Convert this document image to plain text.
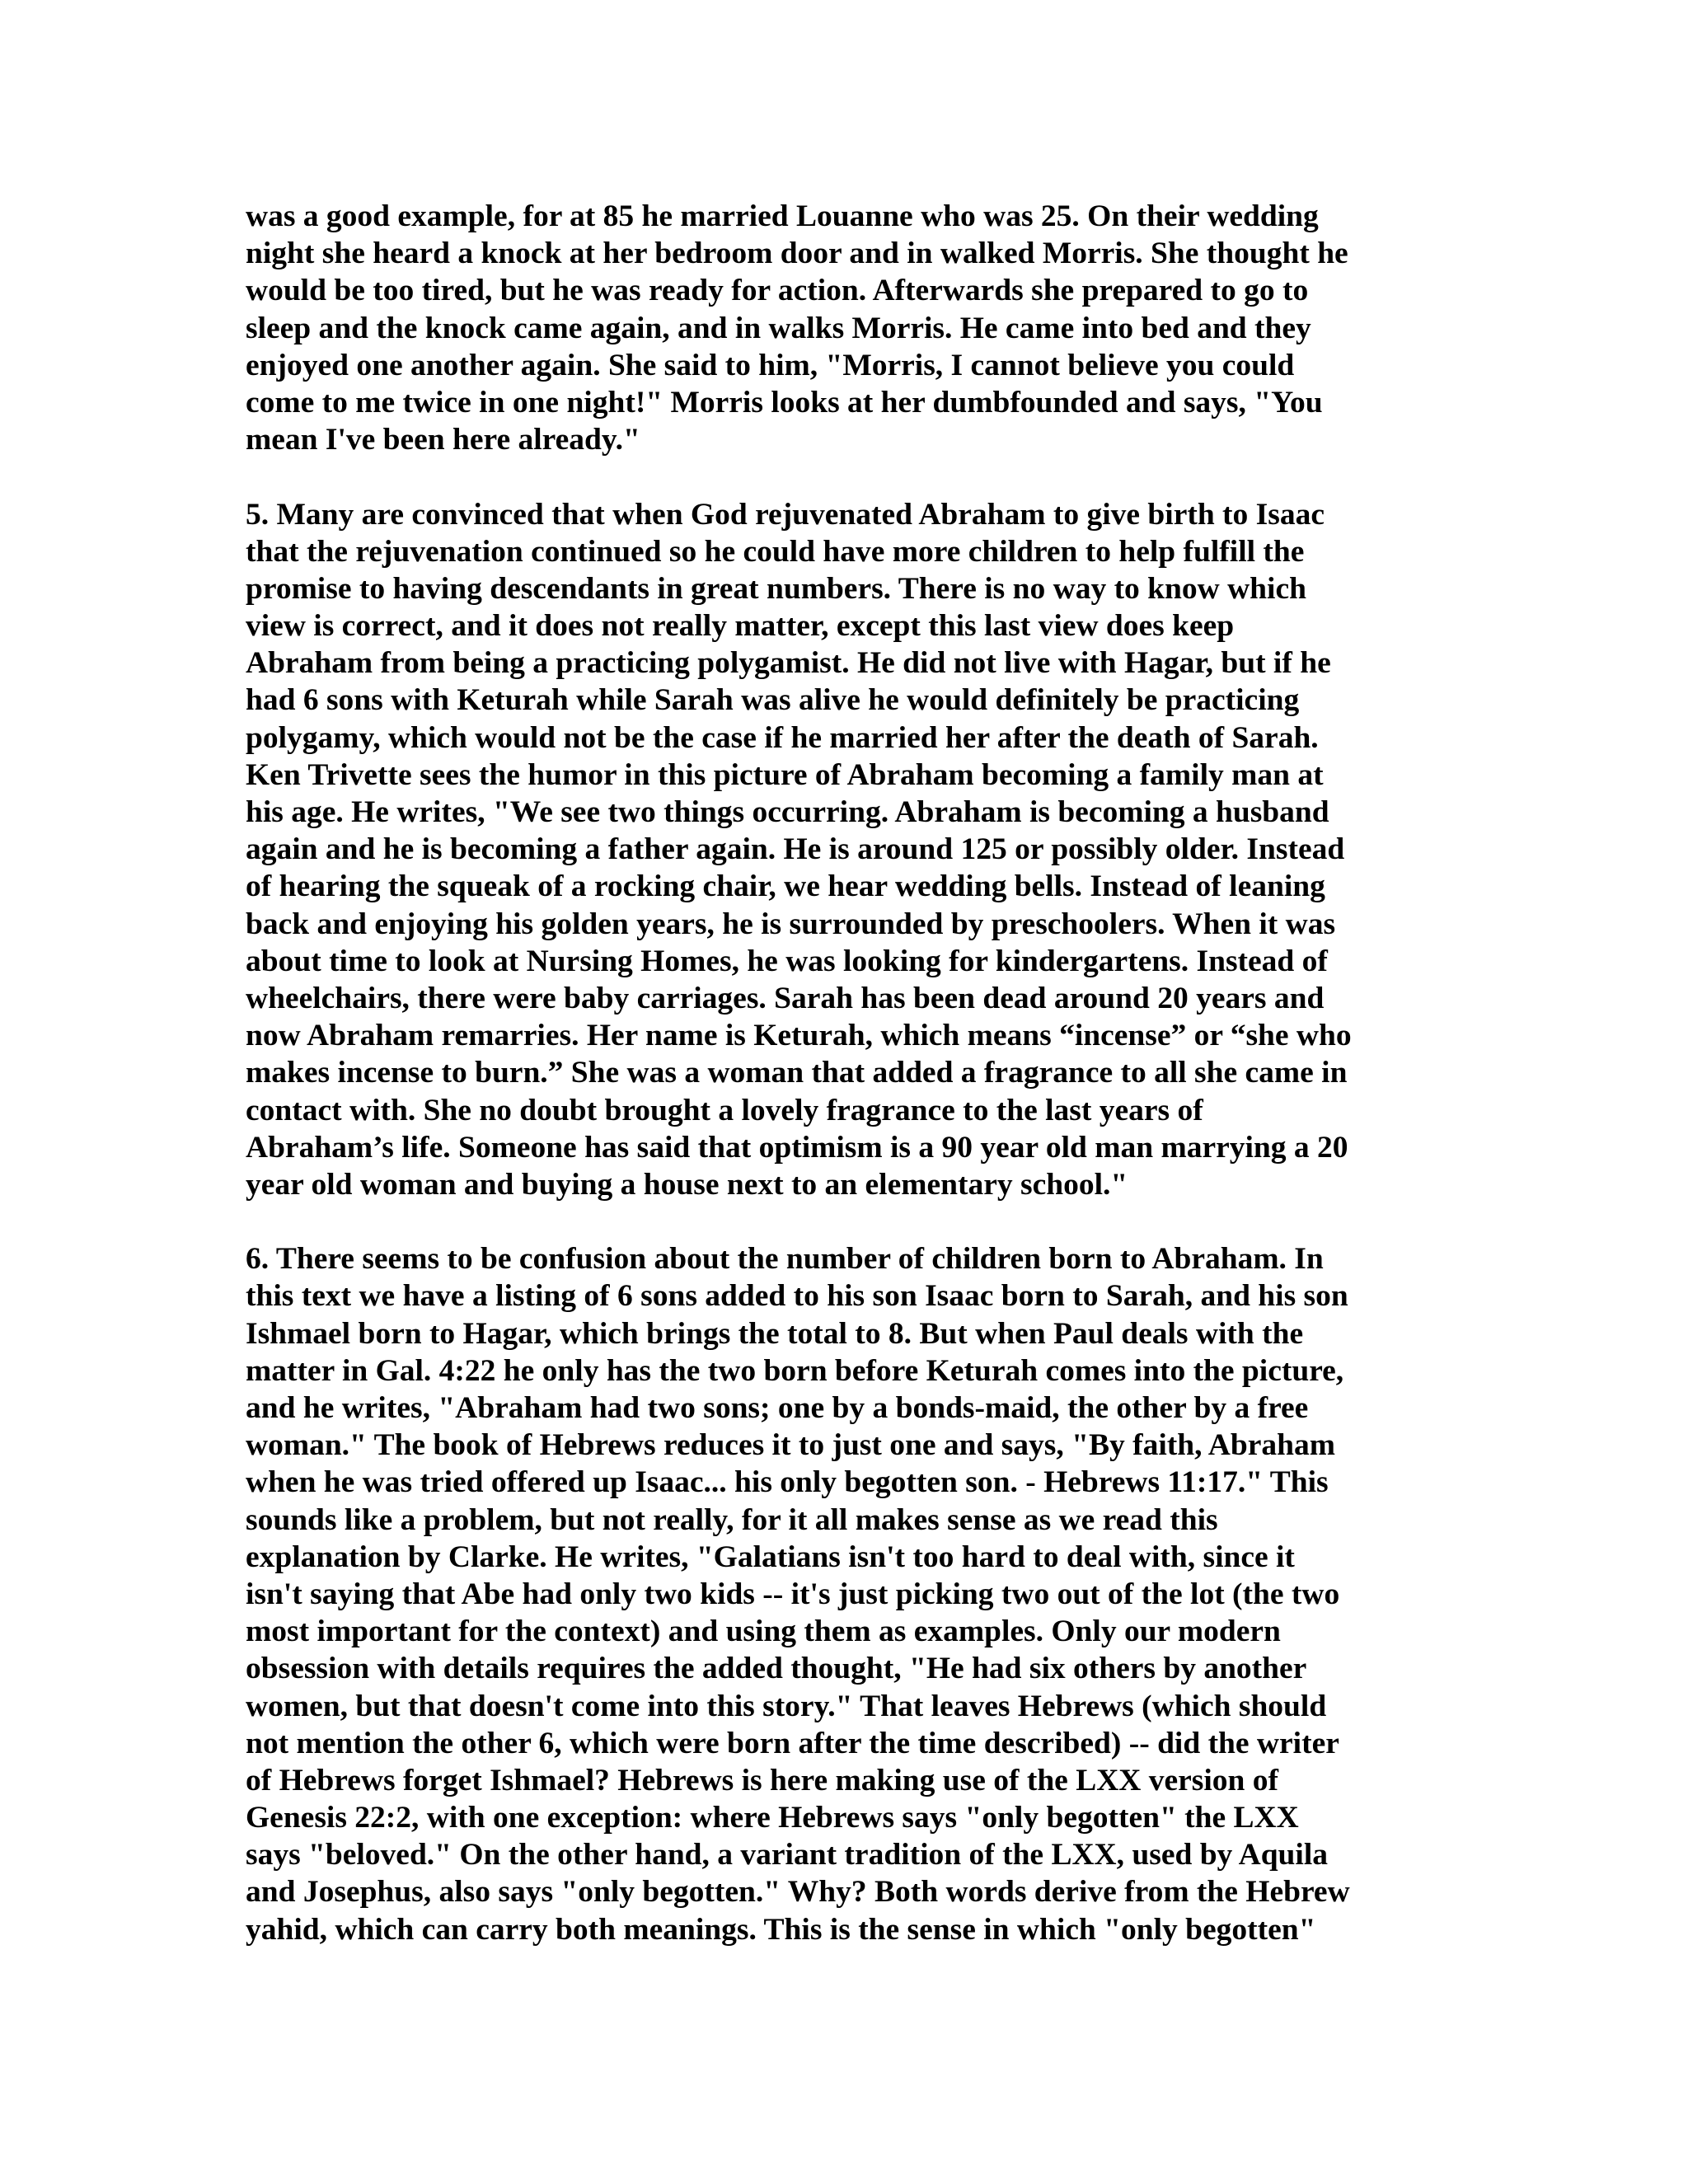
was a good example, for at 85 he married Louanne who was 25. On their wedding
night she heard a knock at her bedroom door and in walked Morris. She thought he
would be too tired, but he was ready for action. Afterwards she prepared to go to
sleep and the knock came again, and in walks Morris. He came into bed and they
enjoyed one another again. She said to him, "Morris, I cannot believe you could
come to me twice in one night!" Morris looks at her dumbfounded and says, "You
mean I've been here already."
5. Many are convinced that when God rejuvenated Abraham to give birth to Isaac
that the rejuvenation continued so he could have more children to help fulfill the
promise to having descendants in great numbers. There is no way to know which
view is correct, and it does not really matter, except this last view does keep
Abraham from being a practicing polygamist. He did not live with Hagar, but if he
had 6 sons with Keturah while Sarah was alive he would definitely be practicing
polygamy, which would not be the case if he married her after the death of Sarah.
Ken Trivette sees the humor in this picture of Abraham becoming a family man at
his age. He writes, "We see two things occurring. Abraham is becoming a husband
again and he is becoming a father again. He is around 125 or possibly older. Instead
of hearing the squeak of a rocking chair, we hear wedding bells. Instead of leaning
back and enjoying his golden years, he is surrounded by preschoolers. When it was
about time to look at Nursing Homes, he was looking for kindergartens. Instead of
wheelchairs, there were baby carriages. Sarah has been dead around 20 years and
now Abraham remarries. Her name is Keturah, which means “incense” or “she who
makes incense to burn.” She was a woman that added a fragrance to all she came in
contact with. She no doubt brought a lovely fragrance to the last years of
Abraham’s life. Someone has said that optimism is a 90 year old man marrying a 20
year old woman and buying a house next to an elementary school."
6. There seems to be confusion about the number of children born to Abraham. In
this text we have a listing of 6 sons added to his son Isaac born to Sarah, and his son
Ishmael born to Hagar, which brings the total to 8. But when Paul deals with the
matter in Gal. 4:22 he only has the two born before Keturah comes into the picture,
and he writes, "Abraham had two sons; one by a bonds-maid, the other by a free
woman." The book of Hebrews reduces it to just one and says, "By faith, Abraham
when he was tried offered up Isaac... his only begotten son. - Hebrews 11:17." This
sounds like a problem, but not really, for it all makes sense as we read this
explanation by Clarke. He writes, "Galatians isn't too hard to deal with, since it
isn't saying that Abe had only two kids -- it's just picking two out of the lot (the two
most important for the context) and using them as examples. Only our modern
obsession with details requires the added thought, "He had six others by another
women, but that doesn't come into this story." That leaves Hebrews (which should
not mention the other 6, which were born after the time described) -- did the writer
of Hebrews forget Ishmael? Hebrews is here making use of the LXX version of
Genesis 22:2, with one exception: where Hebrews says "only begotten" the LXX
says "beloved." On the other hand, a variant tradition of the LXX, used by Aquila
and Josephus, also says "only begotten." Why? Both words derive from the Hebrew
yahid, which can carry both meanings. This is the sense in which "only begotten"
